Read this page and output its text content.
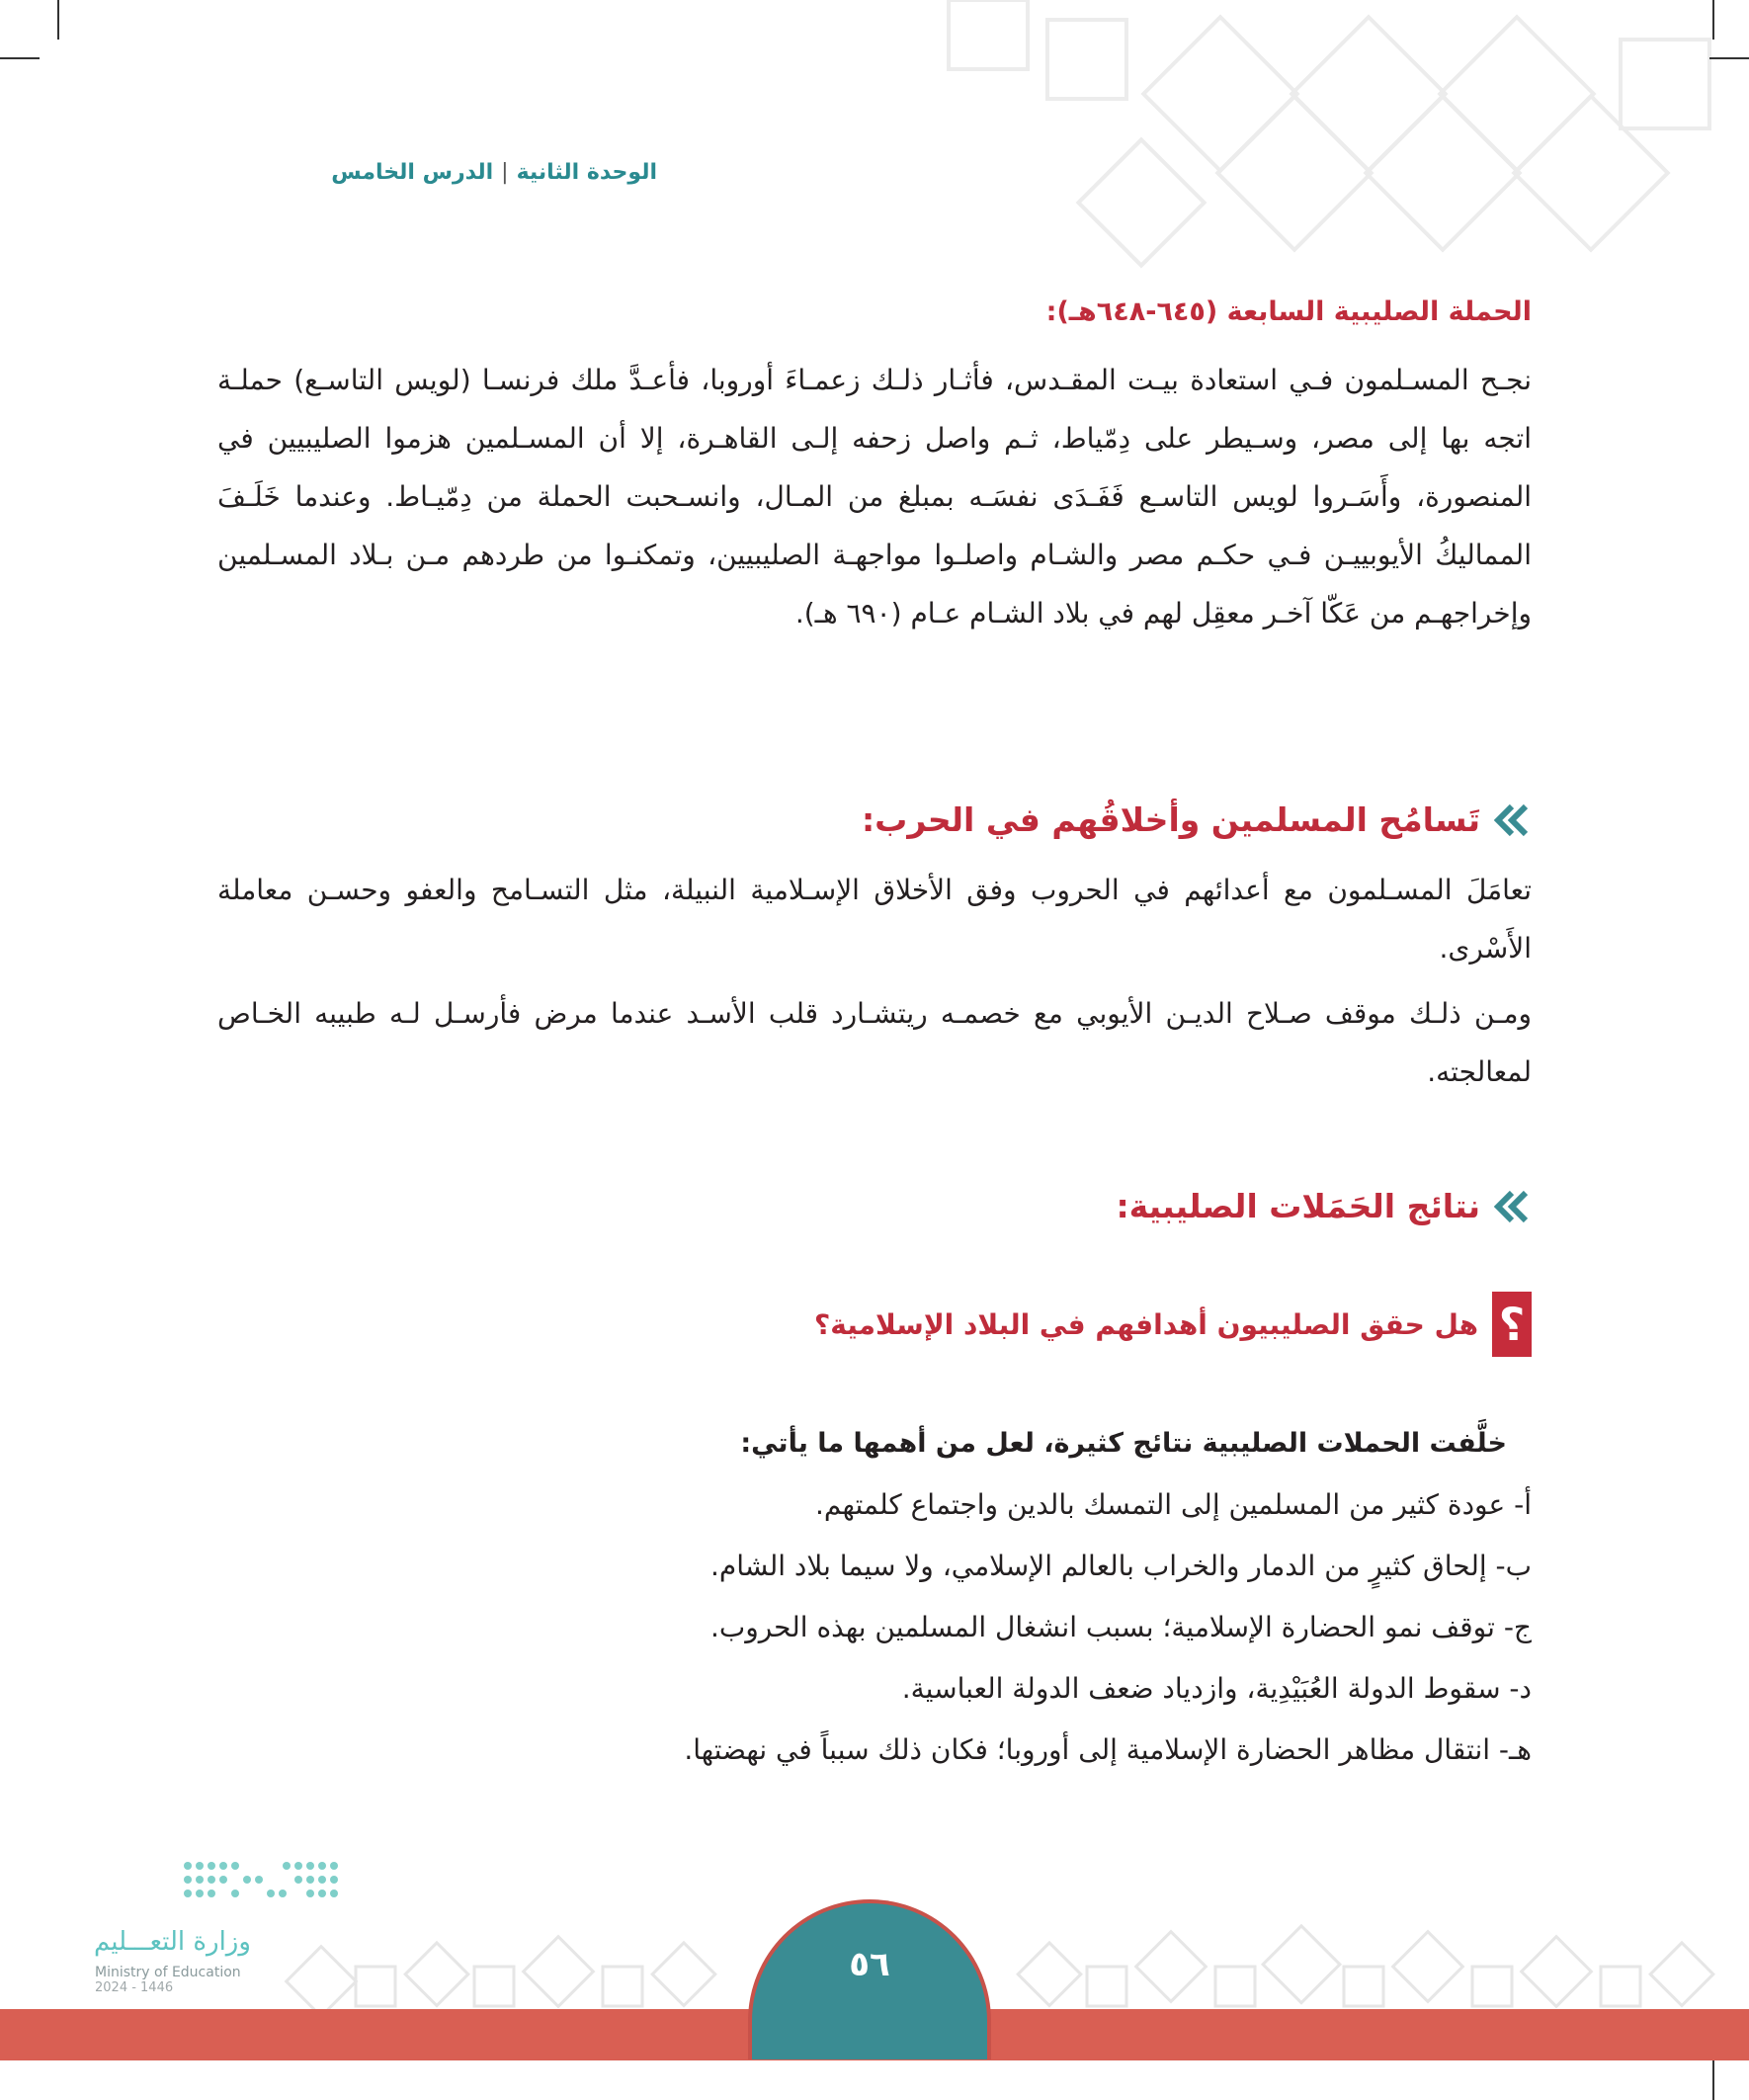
الوحدة الثانية|الدرس الخامس
الحملة الصليبية السابعة (٦٤٥-٦٤٨هـ):

نجـح المسـلمون فـي استعادة بيـت المقـدس، فأثـار ذلـك زعمـاءَ أوروبا، فأعـدَّ ملك فرنسـا (لويس التاسـع) حملـة اتجه بها إلى مصر، وسـيطر على دِمّياط، ثـم واصل زحفه إلـى القاهـرة، إلا أن المسـلمين هزموا الصليبيين في المنصورة، وأَسَـروا لويس التاسـع فَفَـدَى نفسَـه بمبلغ من المـال، وانسـحبت الحملة من دِمّيـاط. وعندما خَلَـفَ المماليكُ الأيوبييـن فـي حكـم مصر والشـام واصلـوا مواجهـة الصليبيين، وتمكنـوا من طردهم مـن بـلاد المسـلمين وإخراجهـم من عَكّا آخـر معقِل لهم في بلاد الشـام عـام (٦٩٠ هـ).

تَسامُح المسلمين وأخلاقُهم في الحرب:

تعامَلَ المسـلمون مع أعدائهم في الحروب وفق الأخلاق الإسـلامية النبيلة، مثل التسـامح والعفو وحسـن معاملة الأَسْرى.

ومـن ذلـك موقف صـلاح الديـن الأيوبي مع خصمـه ريتشـارد قلب الأسـد عندما مرض فأرسـل لـه طبيبه الخـاص لمعالجته.

نتائج الحَمَلات الصليبية:
؟
هل حقق الصليبيون أهدافهم في البلاد الإسلامية؟
خلَّفت الحملات الصليبية نتائج كثيرة، لعل من أهمها ما يأتي:
أ- عودة كثير من المسلمين إلى التمسك بالدين واجتماع كلمتهم.
ب- إلحاق كثيرٍ من الدمار والخراب بالعالم الإسلامي، ولا سيما بلاد الشام.
ج- توقف نمو الحضارة الإسلامية؛ بسبب انشغال المسلمين بهذه الحروب.
د- سقوط الدولة العُبَيْدِية، وازدياد ضعف الدولة العباسية.
هـ- انتقال مظاهر الحضارة الإسلامية إلى أوروبا؛ فكان ذلك سبباً في نهضتها.
وزارة التعـــليم
Ministry of Education
2024 - 1446
٥٦
